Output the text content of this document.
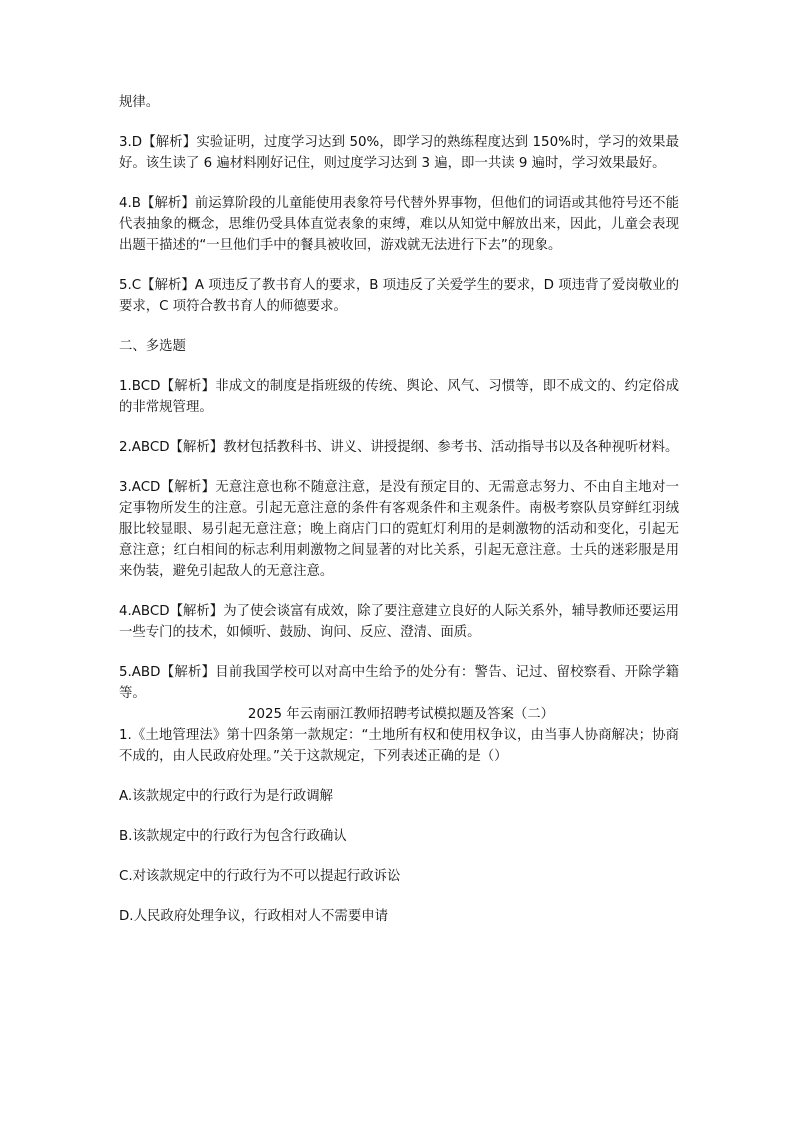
规律。

3.D【解析】实验证明，过度学习达到 50%，即学习的熟练程度达到 150%时，学习的效果最好。该生读了 6 遍材料刚好记住，则过度学习达到 3 遍，即一共读 9 遍时，学习效果最好。

4.B【解析】前运算阶段的儿童能使用表象符号代替外界事物，但他们的词语或其他符号还不能代表抽象的概念，思维仍受具体直觉表象的束缚，难以从知觉中解放出来，因此，儿童会表现出题干描述的“一旦他们手中的餐具被收回，游戏就无法进行下去”的现象。

5.C【解析】A 项违反了教书育人的要求，B 项违反了关爱学生的要求，D 项违背了爱岗敬业的要求，C 项符合教书育人的师德要求。

二、多选题

1.BCD【解析】非成文的制度是指班级的传统、舆论、风气、习惯等，即不成文的、约定俗成的非常规管理。

2.ABCD【解析】教材包括教科书、讲义、讲授提纲、参考书、活动指导书以及各种视听材料。

3.ACD【解析】无意注意也称不随意注意，是没有预定目的、无需意志努力、不由自主地对一定事物所发生的注意。引起无意注意的条件有客观条件和主观条件。南极考察队员穿鲜红羽绒服比较显眼、易引起无意注意；晚上商店门口的霓虹灯利用的是刺激物的活动和变化，引起无意注意；红白相间的标志利用刺激物之间显著的对比关系，引起无意注意。士兵的迷彩服是用来伪装，避免引起敌人的无意注意。

4.ABCD【解析】为了使会谈富有成效，除了要注意建立良好的人际关系外，辅导教师还要运用一些专门的技术，如倾听、鼓励、询问、反应、澄清、面质。

5.ABD【解析】目前我国学校可以对高中生给予的处分有：警告、记过、留校察看、开除学籍等。

2025 年云南丽江教师招聘考试模拟题及答案（二）

1.《土地管理法》第十四条第一款规定：“土地所有权和使用权争议，由当事人协商解决；协商不成的，由人民政府处理。”关于这款规定，下列表述正确的是（）

A.该款规定中的行政行为是行政调解

B.该款规定中的行政行为包含行政确认

C.对该款规定中的行政行为不可以提起行政诉讼

D.人民政府处理争议，行政相对人不需要申请
